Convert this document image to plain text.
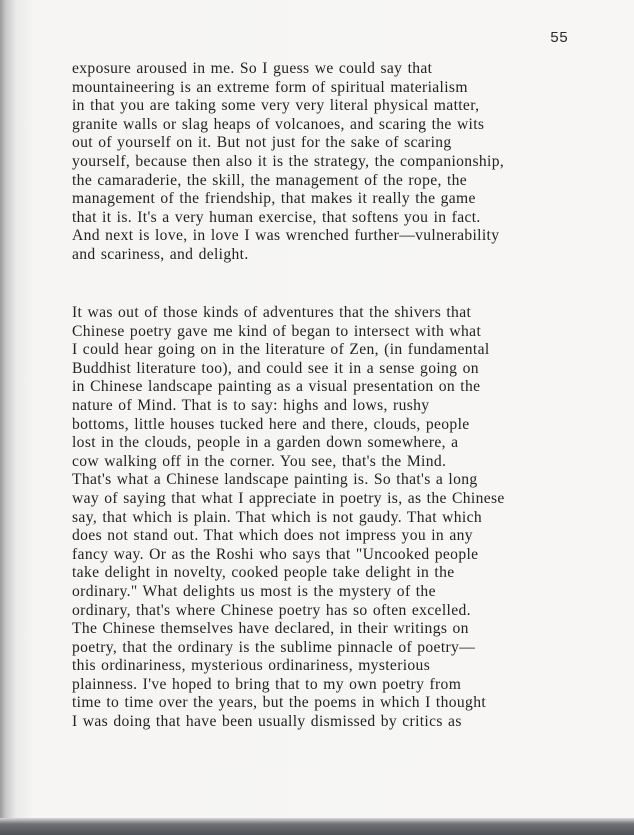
55

exposure aroused in me. So I guess we could say that
mountaineering is an extreme form of spiritual materialism
in that you are taking some very very literal physical matter,
granite walls or slag heaps of volcanoes, and scaring the wits
out of yourself on it. But not just for the sake of scaring
yourself, because then also it is the strategy, the companionship,
the camaraderie, the skill, the management of the rope, the
management of the friendship, that makes it really the game
that it is. It's a very human exercise, that softens you in fact.
And next is love, in love I was wrenched further—vulnerability
and scariness, and delight.

It was out of those kinds of adventures that the shivers that
Chinese poetry gave me kind of began to intersect with what
I could hear going on in the literature of Zen, (in fundamental
Buddhist literature too), and could see it in a sense going on
in Chinese landscape painting as a visual presentation on the
nature of Mind. That is to say: highs and lows, rushy
bottoms, little houses tucked here and there, clouds, people
lost in the clouds, people in a garden down somewhere, a
cow walking off in the corner. You see, that's the Mind.
That's what a Chinese landscape painting is. So that's a long
way of saying that what I appreciate in poetry is, as the Chinese
say, that which is plain. That which is not gaudy. That which
does not stand out. That which does not impress you in any
fancy way. Or as the Roshi who says that "Uncooked people
take delight in novelty, cooked people take delight in the
ordinary." What delights us most is the mystery of the
ordinary, that's where Chinese poetry has so often excelled.
The Chinese themselves have declared, in their writings on
poetry, that the ordinary is the sublime pinnacle of poetry—
this ordinariness, mysterious ordinariness, mysterious
plainness. I've hoped to bring that to my own poetry from
time to time over the years, but the poems in which I thought
I was doing that have been usually dismissed by critics as
